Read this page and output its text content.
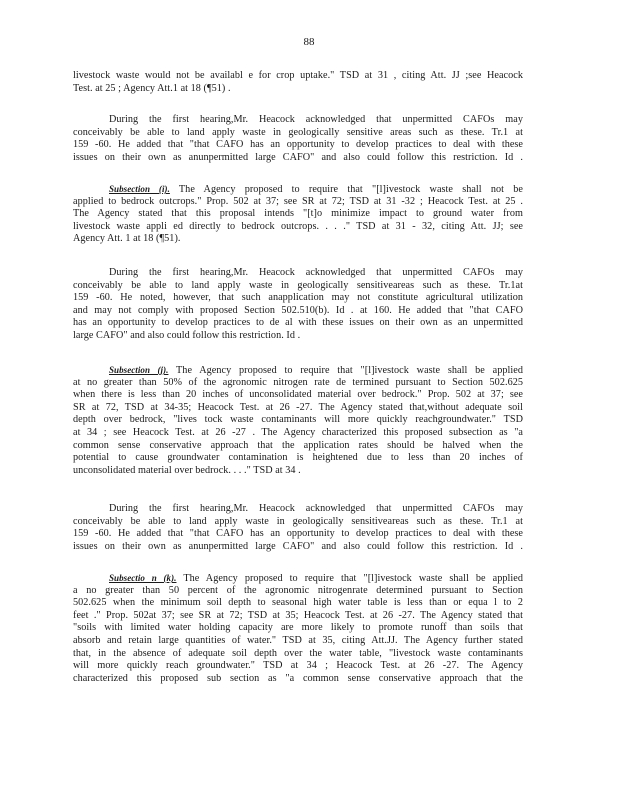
88
livestock waste would not be availabl e for crop uptake." TSD at 31 , citing Att. JJ ;see Heacock
Test. at 25 ; Agency Att.1 at 18 (¶51) .
During the first hearing,Mr. Heacock acknowledged that unpermitted CAFOs may
conceivably be able to land apply waste in geologically sensitive areas such as these. Tr.1 at
159 -60. He added that "that CAFO has an opportunity to develop practices to deal with these
issues on their own as anunpermitted large CAFO" and also could follow this restriction. Id .
Subsection (i). The Agency proposed to require that "[l]ivestock waste shall not be
applied to bedrock outcrops." Prop. 502 at 37; see SR at 72; TSD at 31 -32 ; Heacock Test. at 25 .
The Agency stated that this proposal intends "[t]o minimize impact to ground water from
livestock waste appli ed directly to bedrock outcrops. . . ." TSD at 31 - 32, citing Att. JJ; see
Agency Att. 1 at 18 (¶51).
During the first hearing,Mr. Heacock acknowledged that unpermitted CAFOs may
conceivably be able to land apply waste in geologically sensitiveareas such as these. Tr.1at
159 -60. He noted, however, that such anapplication may not constitute agricultural utilization
and may not comply with proposed Section 502.510(b). Id . at 160. He added that "that CAFO
has an opportunity to develop practices to de al with these issues on their own as an unpermitted
large CAFO" and also could follow this restriction. Id .
Subsection (j). The Agency proposed to require that "[l]ivestock waste shall be applied
at no greater than 50% of the agronomic nitrogen rate de termined pursuant to Section 502.625
when there is less than 20 inches of unconsolidated material over bedrock." Prop. 502 at 37; see
SR at 72, TSD at 34-35; Heacock Test. at 26 -27. The Agency stated that,without adequate soil
depth over bedrock, "lives tock waste contaminants will more quickly reachgroundwater." TSD
at 34 ; see Heacock Test. at 26 -27 . The Agency characterized this proposed subsection as "a
common sense conservative approach that the application rates should be halved when the
potential to cause groundwater contamination is heightened due to less than 20 inches of
unconsolidated material over bedrock. . . ." TSD at 34 .
During the first hearing,Mr. Heacock acknowledged that unpermitted CAFOs may
conceivably be able to land apply waste in geologically sensitiveareas such as these. Tr.1 at
159 -60. He added that "that CAFO has an opportunity to develop practices to deal with these
issues on their own as anunpermitted large CAFO" and also could follow this restriction. Id .
Subsectio n (k). The Agency proposed to require that "[l]ivestock waste shall be applied
a no greater than 50 percent of the agronomic nitrogenrate determined pursuant to Section
502.625 when the minimum soil depth to seasonal high water table is less than or equa l to 2
feet ." Prop. 502at 37; see SR at 72; TSD at 35; Heacock Test. at 26 -27. The Agency stated that
"soils with limited water holding capacity are more likely to promote runoff than soils that
absorb and retain large quantities of water." TSD at 35, citing Att.JJ. The Agency further stated
that, in the absence of adequate soil depth over the water table, "livestock waste contaminants
will more quickly reach groundwater." TSD at 34 ; Heacock Test. at 26 -27. The Agency
characterized this proposed sub section as "a common sense conservative approach that the
